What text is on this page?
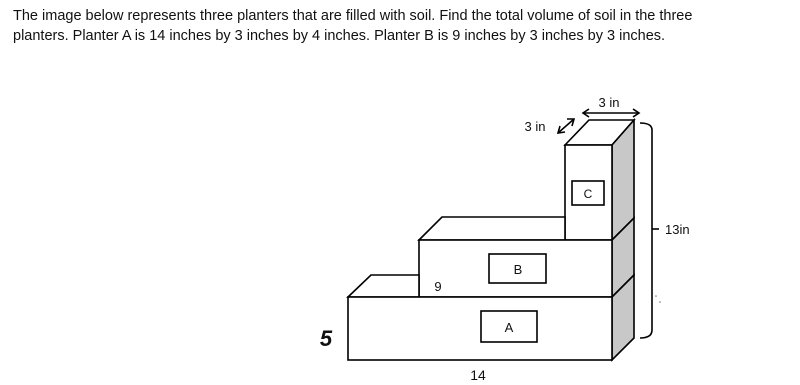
The image below represents three planters that are filled with soil. Find the total volume of soil in the three

planters. Planter A is 14 inches by 3 inches by 4 inches. Planter B is 9 inches by 3 inches by 3 inches.

A
B
C
3 in
3 in
13in
9
14
5
